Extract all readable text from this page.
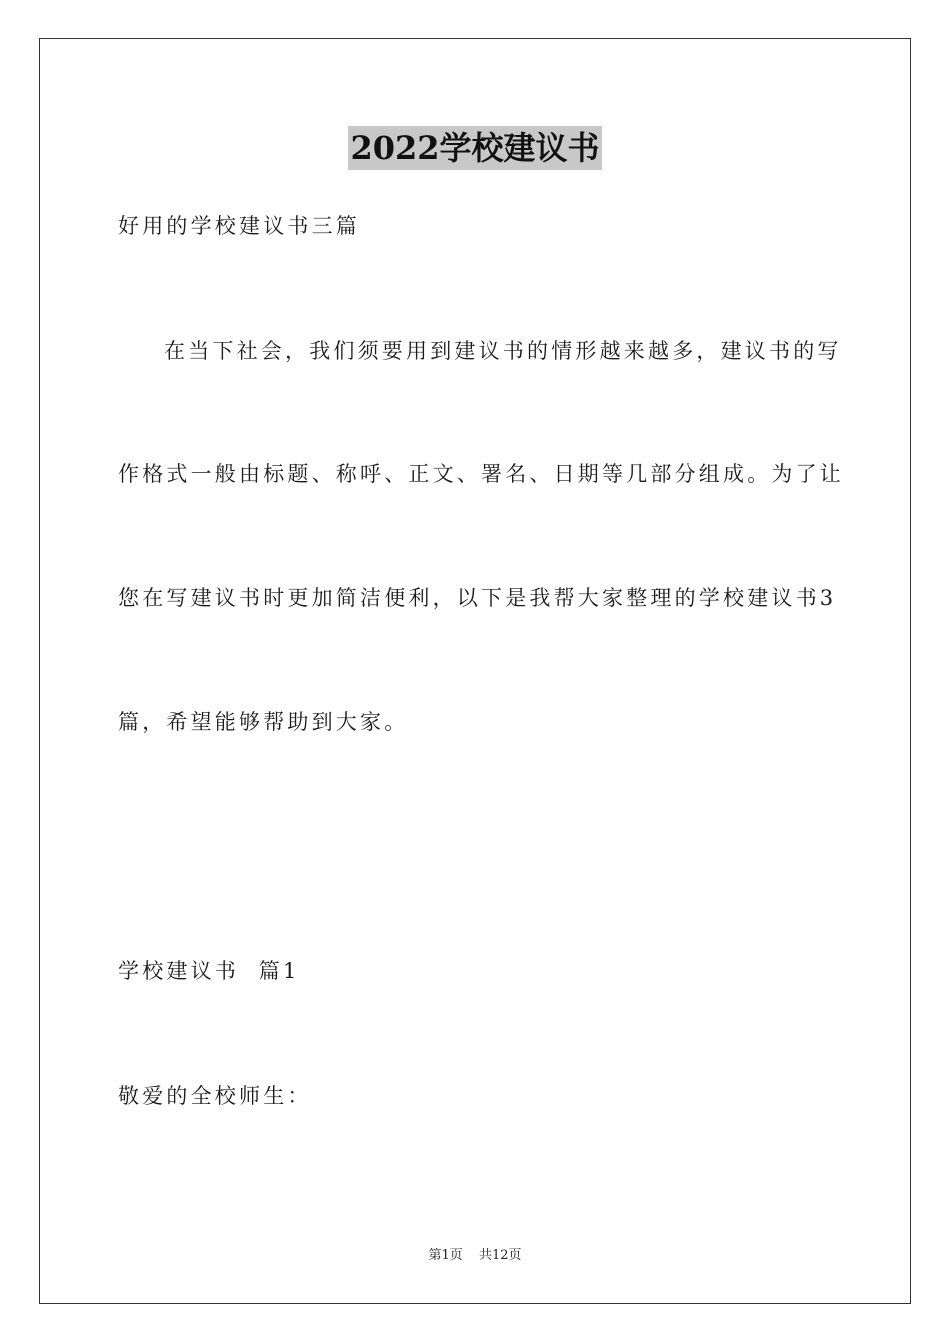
2022学校建议书
好用的学校建议书三篇
在当下社会，我们须要用到建议书的情形越来越多，建议书的写
作格式一般由标题、称呼、正文、署名、日期等几部分组成。为了让
您在写建议书时更加简洁便利，以下是我帮大家整理的学校建议书3
篇，希望能够帮助到大家。
学校建议书  篇1
敬爱的全校师生：
第1页 共12页
